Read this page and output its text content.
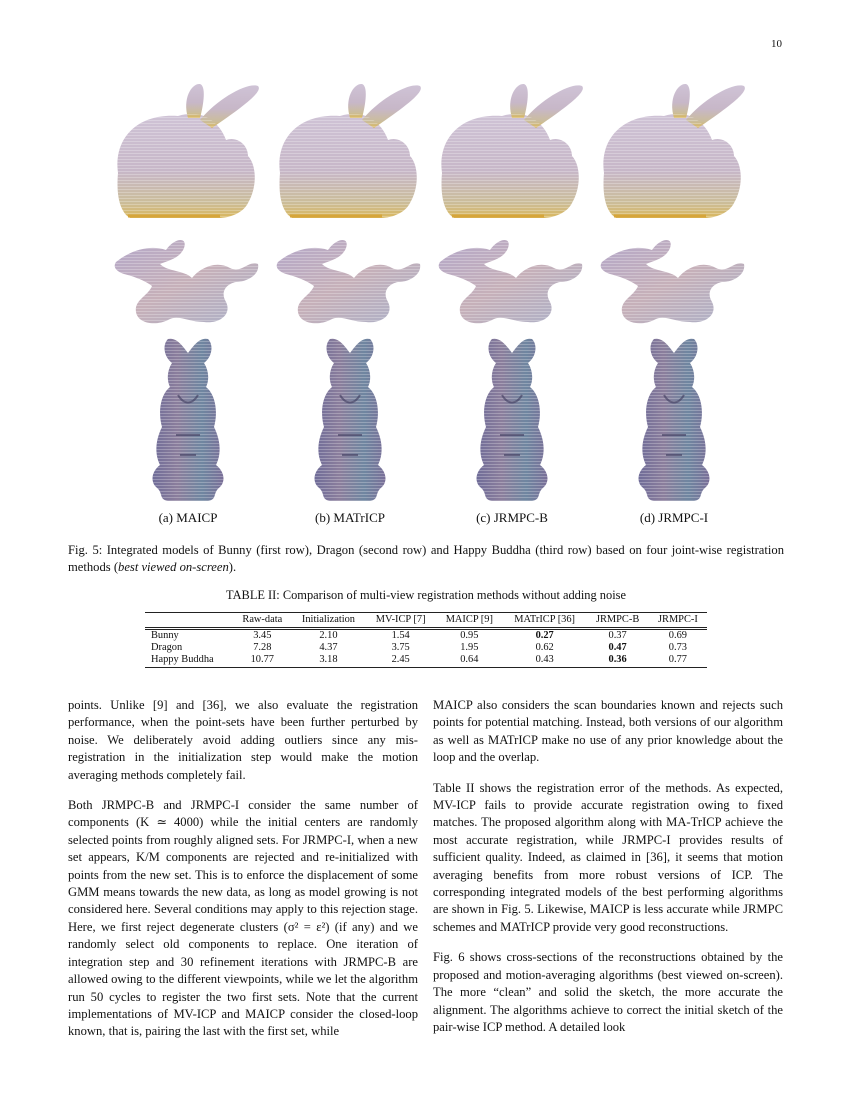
10
(a) MAICP	(b) MATrICP	(c) JRMPC-B	(d) JRMPC-I
Fig. 5: Integrated models of Bunny (first row), Dragon (second row) and Happy Buddha (third row) based on four joint-wise registration methods (best viewed on-screen).
TABLE II: Comparison of multi-view registration methods without adding noise
	Raw-data	Initialization	MV-ICP [7]	MAICP [9]	MATrICP [36]	JRMPC-B	JRMPC-I
Bunny	3.45	2.10	1.54	0.95	0.27	0.37	0.69
Dragon	7.28	4.37	3.75	1.95	0.62	0.47	0.73
Happy Buddha	10.77	3.18	2.45	0.64	0.43	0.36	0.77

points. Unlike [9] and [36], we also evaluate the registration performance, when the point-sets have been further perturbed by noise. We deliberately avoid adding outliers since any mis-registration in the initialization step would make the motion averaging methods completely fail.

Both JRMPC-B and JRMPC-I consider the same number of components (K ≃ 4000) while the initial centers are randomly selected points from roughly aligned sets. For JRMPC-I, when a new set appears, K/M components are rejected and re-initialized with points from the new set. This is to enforce the displacement of some GMM means towards the new data, as long as model growing is not considered here. Several conditions may apply to this rejection stage. Here, we first reject degenerate clusters (σ² = ε²) (if any) and we randomly select old components to replace. One iteration of integration step and 30 refinement iterations with JRMPC-B are allowed owing to the different viewpoints, while we let the algorithm run 50 cycles to register the two first sets. Note that the current implementations of MV-ICP and MAICP consider the closed-loop known, that is, pairing the last with the first set, while

MAICP also considers the scan boundaries known and rejects such points for potential matching. Instead, both versions of our algorithm as well as MATrICP make no use of any prior knowledge about the loop and the overlap.

Table II shows the registration error of the methods. As expected, MV-ICP fails to provide accurate registration owing to fixed matches. The proposed algorithm along with MA-TrICP achieve the most accurate registration, while JRMPC-I provides results of sufficient quality. Indeed, as claimed in [36], it seems that motion averaging benefits from more robust versions of ICP. The corresponding integrated models of the best performing algorithms are shown in Fig. 5. Likewise, MAICP is less accurate while JRMPC schemes and MATrICP provide very good reconstructions.

Fig. 6 shows cross-sections of the reconstructions obtained by the proposed and motion-averaging algorithms (best viewed on-screen). The more “clean” and solid the sketch, the more accurate the alignment. The algorithms achieve to correct the initial sketch of the pair-wise ICP method. A detailed look
